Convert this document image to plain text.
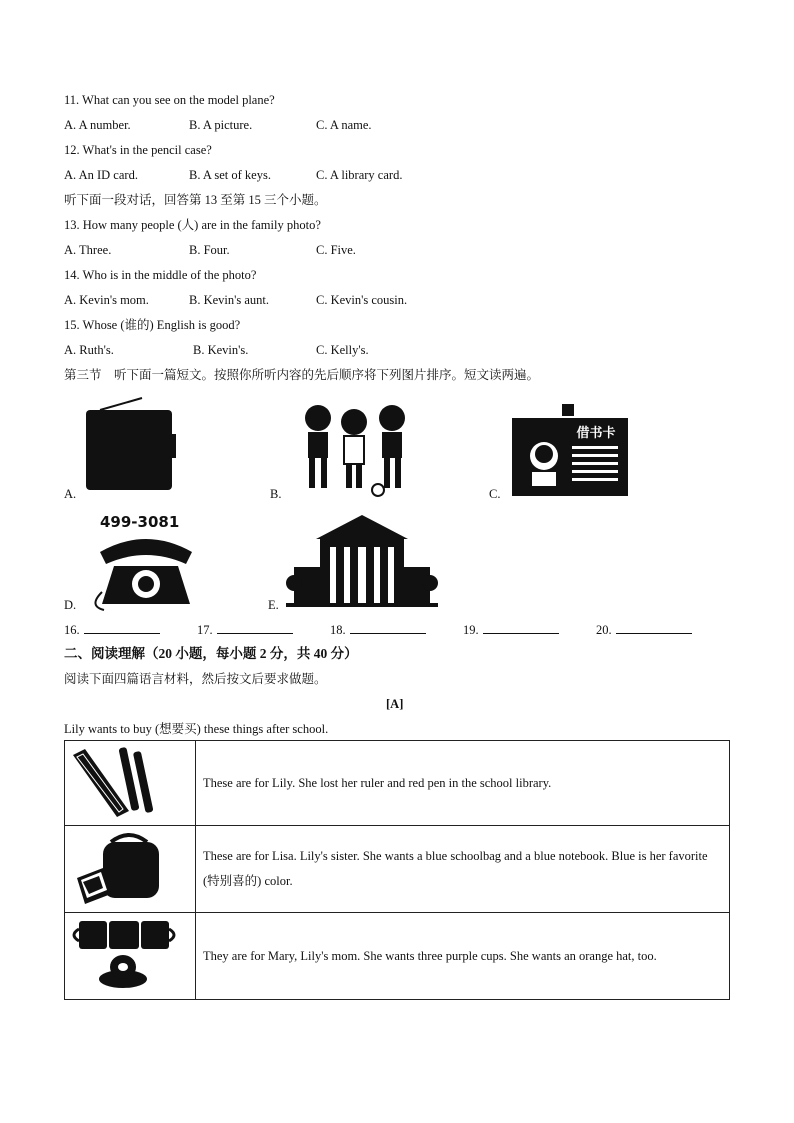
11. What can you see on the model plane?
A. A number.	B. A picture.	C. A name.
12. What's in the pencil case?
A. An ID card.	B. A set of keys.	C. A library card.
听下面一段对话，回答第 13 至第 15 三个小题。
13. How many people (人) are in the family photo?
A. Three.	B. Four.	C. Five.
14. Who is in the middle of the photo?
A. Kevin's mom.	B. Kevin's aunt.	C. Kevin's cousin.
15. Whose (谁的) English is good?
A. Ruth's.	B. Kevin's.	C. Kelly's.
第三节　听下面一篇短文。按照你所听内容的先后顺序将下列图片排序。短文读两遍。
A.	B.	C.
借书卡
D.
499-3081
E.
16.	17.	18.	19.	20.
二、阅读理解（20 小题，每小题 2 分，共 40 分）
阅读下面四篇语言材料，然后按文后要求做题。
[A]
Lily wants to buy (想要买) these things after school.
	These are for Lily. She lost her ruler and red pen in the school library.
	These are for Lisa. Lily's sister. She wants a blue schoolbag and a blue notebook. Blue is her favorite (特别喜的) color.
	They are for Mary, Lily's mom. She wants three purple cups. She wants an orange hat, too.
